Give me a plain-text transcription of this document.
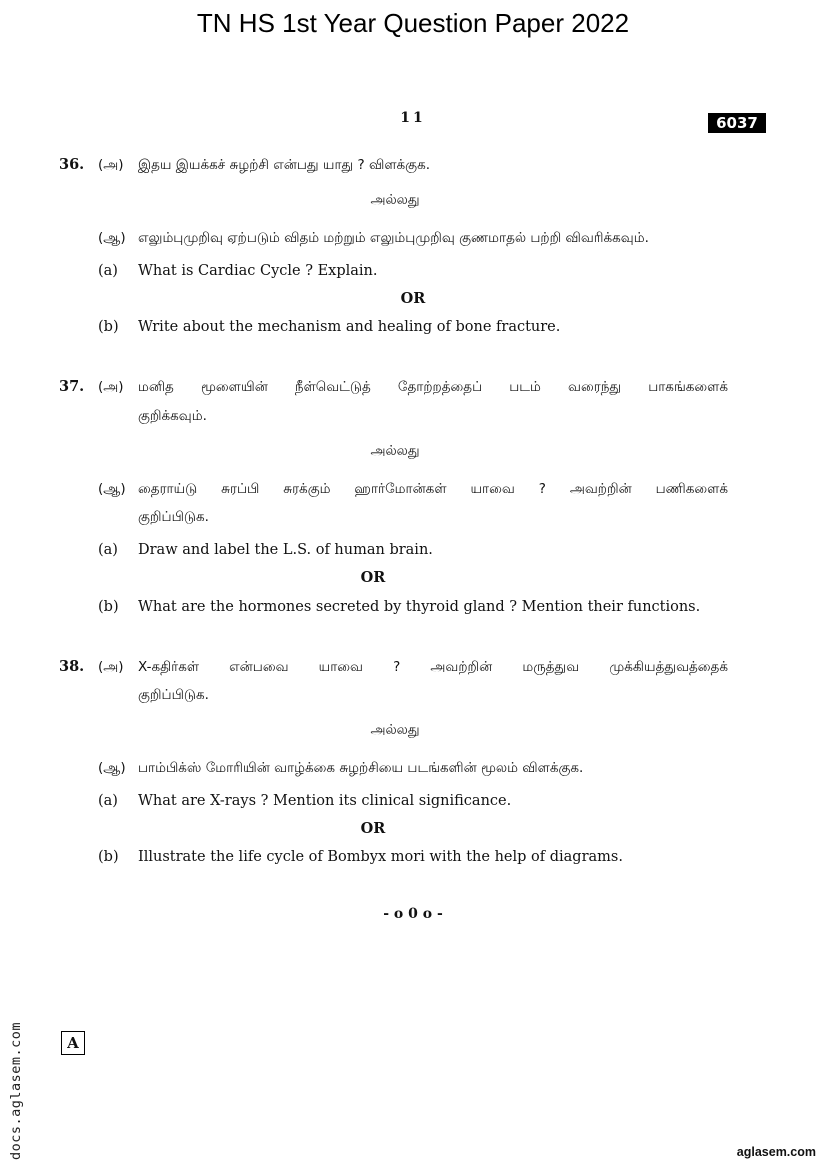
TN HS 1st Year Question Paper 2022
11	6037
36. (அ) இதய இயக்கச் சுழற்சி என்பது யாது ? விளக்குக.
அல்லது
(ஆ) எலும்புமுறிவு ஏற்படும் விதம் மற்றும் எலும்புமுறிவு குணமாதல் பற்றி விவரிக்கவும்.
(a) What is Cardiac Cycle ? Explain.
OR
(b) Write about the mechanism and healing of bone fracture.
37. (அ) மனித மூளையின் நீள்வெட்டுத் தோற்றத்தைப் படம் வரைந்து பாகங்களைக்
குறிக்கவும்.
அல்லது
(ஆ) தைராய்டு சுரப்பி சுரக்கும் ஹார்மோன்கள் யாவை ? அவற்றின் பணிகளைக்
குறிப்பிடுக.
(a) Draw and label the L.S. of human brain.
OR
(b) What are the hormones secreted by thyroid gland ? Mention their functions.
38. (அ) X-கதிர்கள் என்பவை யாவை ? அவற்றின் மருத்துவ முக்கியத்துவத்தைக்
குறிப்பிடுக.
அல்லது
(ஆ) பாம்பிக்ஸ் மோரியின் வாழ்க்கை சுழற்சியை படங்களின் மூலம் விளக்குக.
(a) What are X-rays ? Mention its clinical significance.
OR
(b) Illustrate the life cycle of Bombyx mori with the help of diagrams.
- o 0 o -
docs.aglasem.com	A
aglasem.com
